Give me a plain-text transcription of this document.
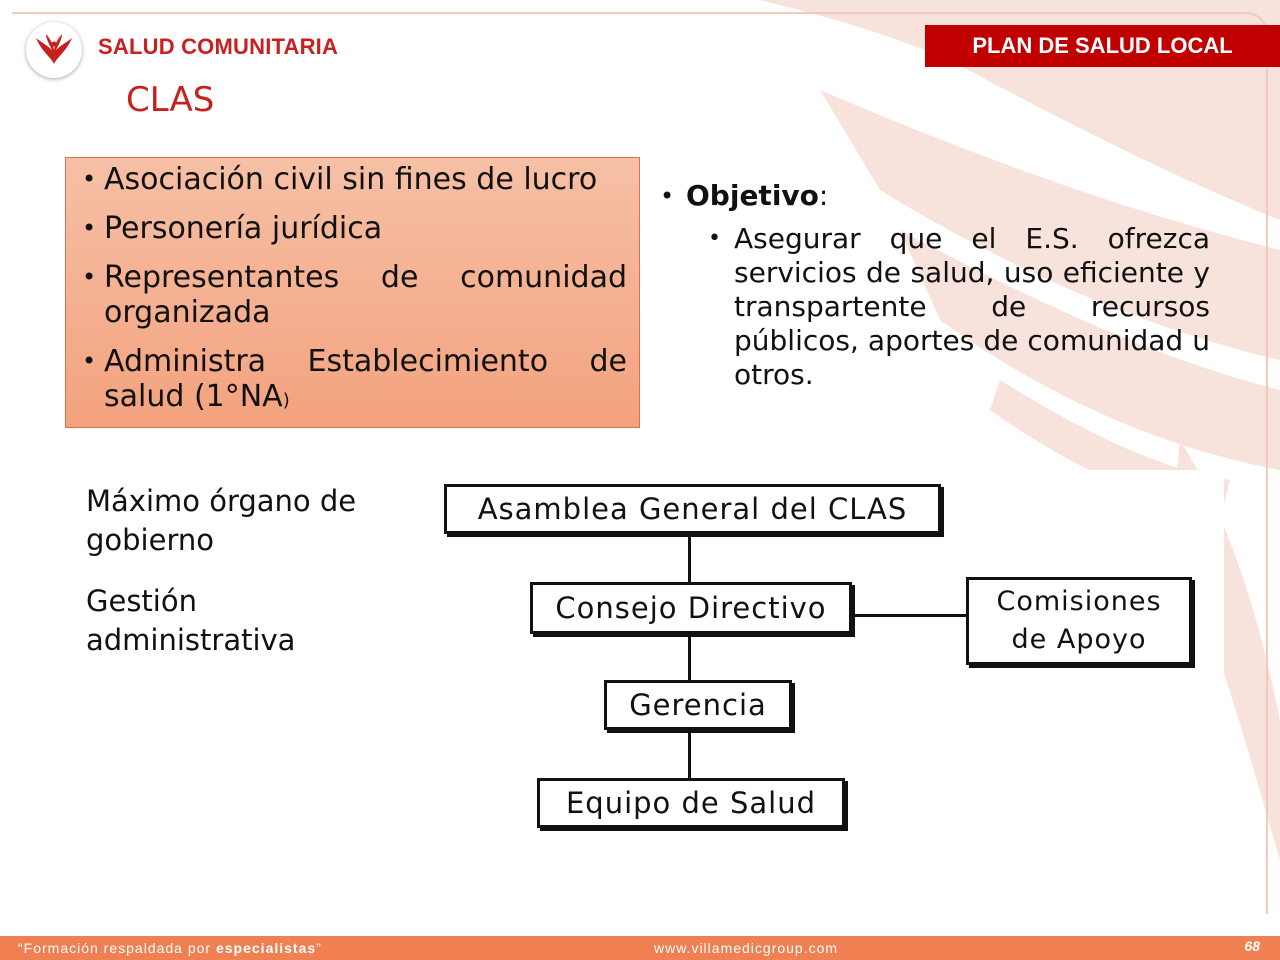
SALUD COMUNITARIA	PLAN DE SALUD LOCAL
CLAS
• Asociación civil sin fines de lucro
• Personería jurídica
• Representantes de comunidad organizada
• Administra Establecimiento de salud (1°NA)
• Objetivo:
• Asegurar que el E.S. ofrezca servicios de salud, uso eficiente y transpartente de recursos públicos, aportes de comunidad u otros.
Máximo órgano de gobierno
Gestión administrativa
Asamblea General del CLAS
Consejo Directivo	Comisiones
de Apoyo
Gerencia
Equipo de Salud
“Formación respaldada por especialistas”	www.villamedicgroup.com	68
